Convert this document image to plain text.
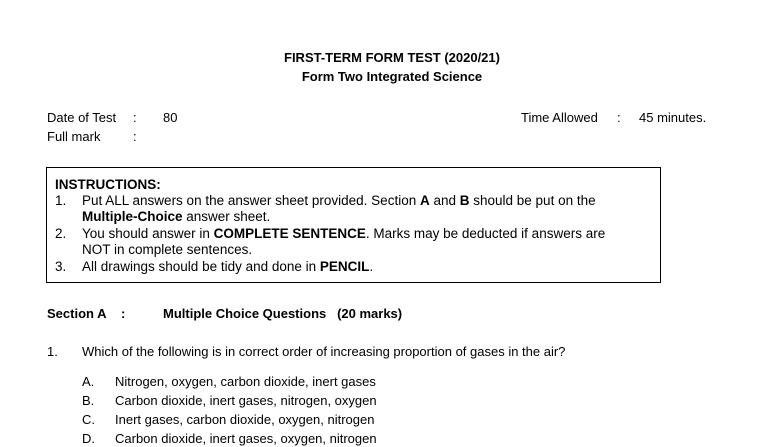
FIRST-TERM FORM TEST (2020/21)
Form Two Integrated Science
Date of Test : 80
Full mark	:
Time Allowed : 45 minutes.
INSTRUCTIONS:
1. Put ALL answers on the answer sheet provided. Section A and B should be put on the
Multiple-Choice answer sheet.
2. You should answer in COMPLETE SENTENCE. Marks may be deducted if answers are
NOT in complete sentences.
3. All drawings should be tidy and done in PENCIL.
Section A :	Multiple Choice Questions   (20 marks)
1. Which of the following is in correct order of increasing proportion of gases in the air?
A. Nitrogen, oxygen, carbon dioxide, inert gases
B. Carbon dioxide, inert gases, nitrogen, oxygen
C. Inert gases, carbon dioxide, oxygen, nitrogen
D. Carbon dioxide, inert gases, oxygen, nitrogen
